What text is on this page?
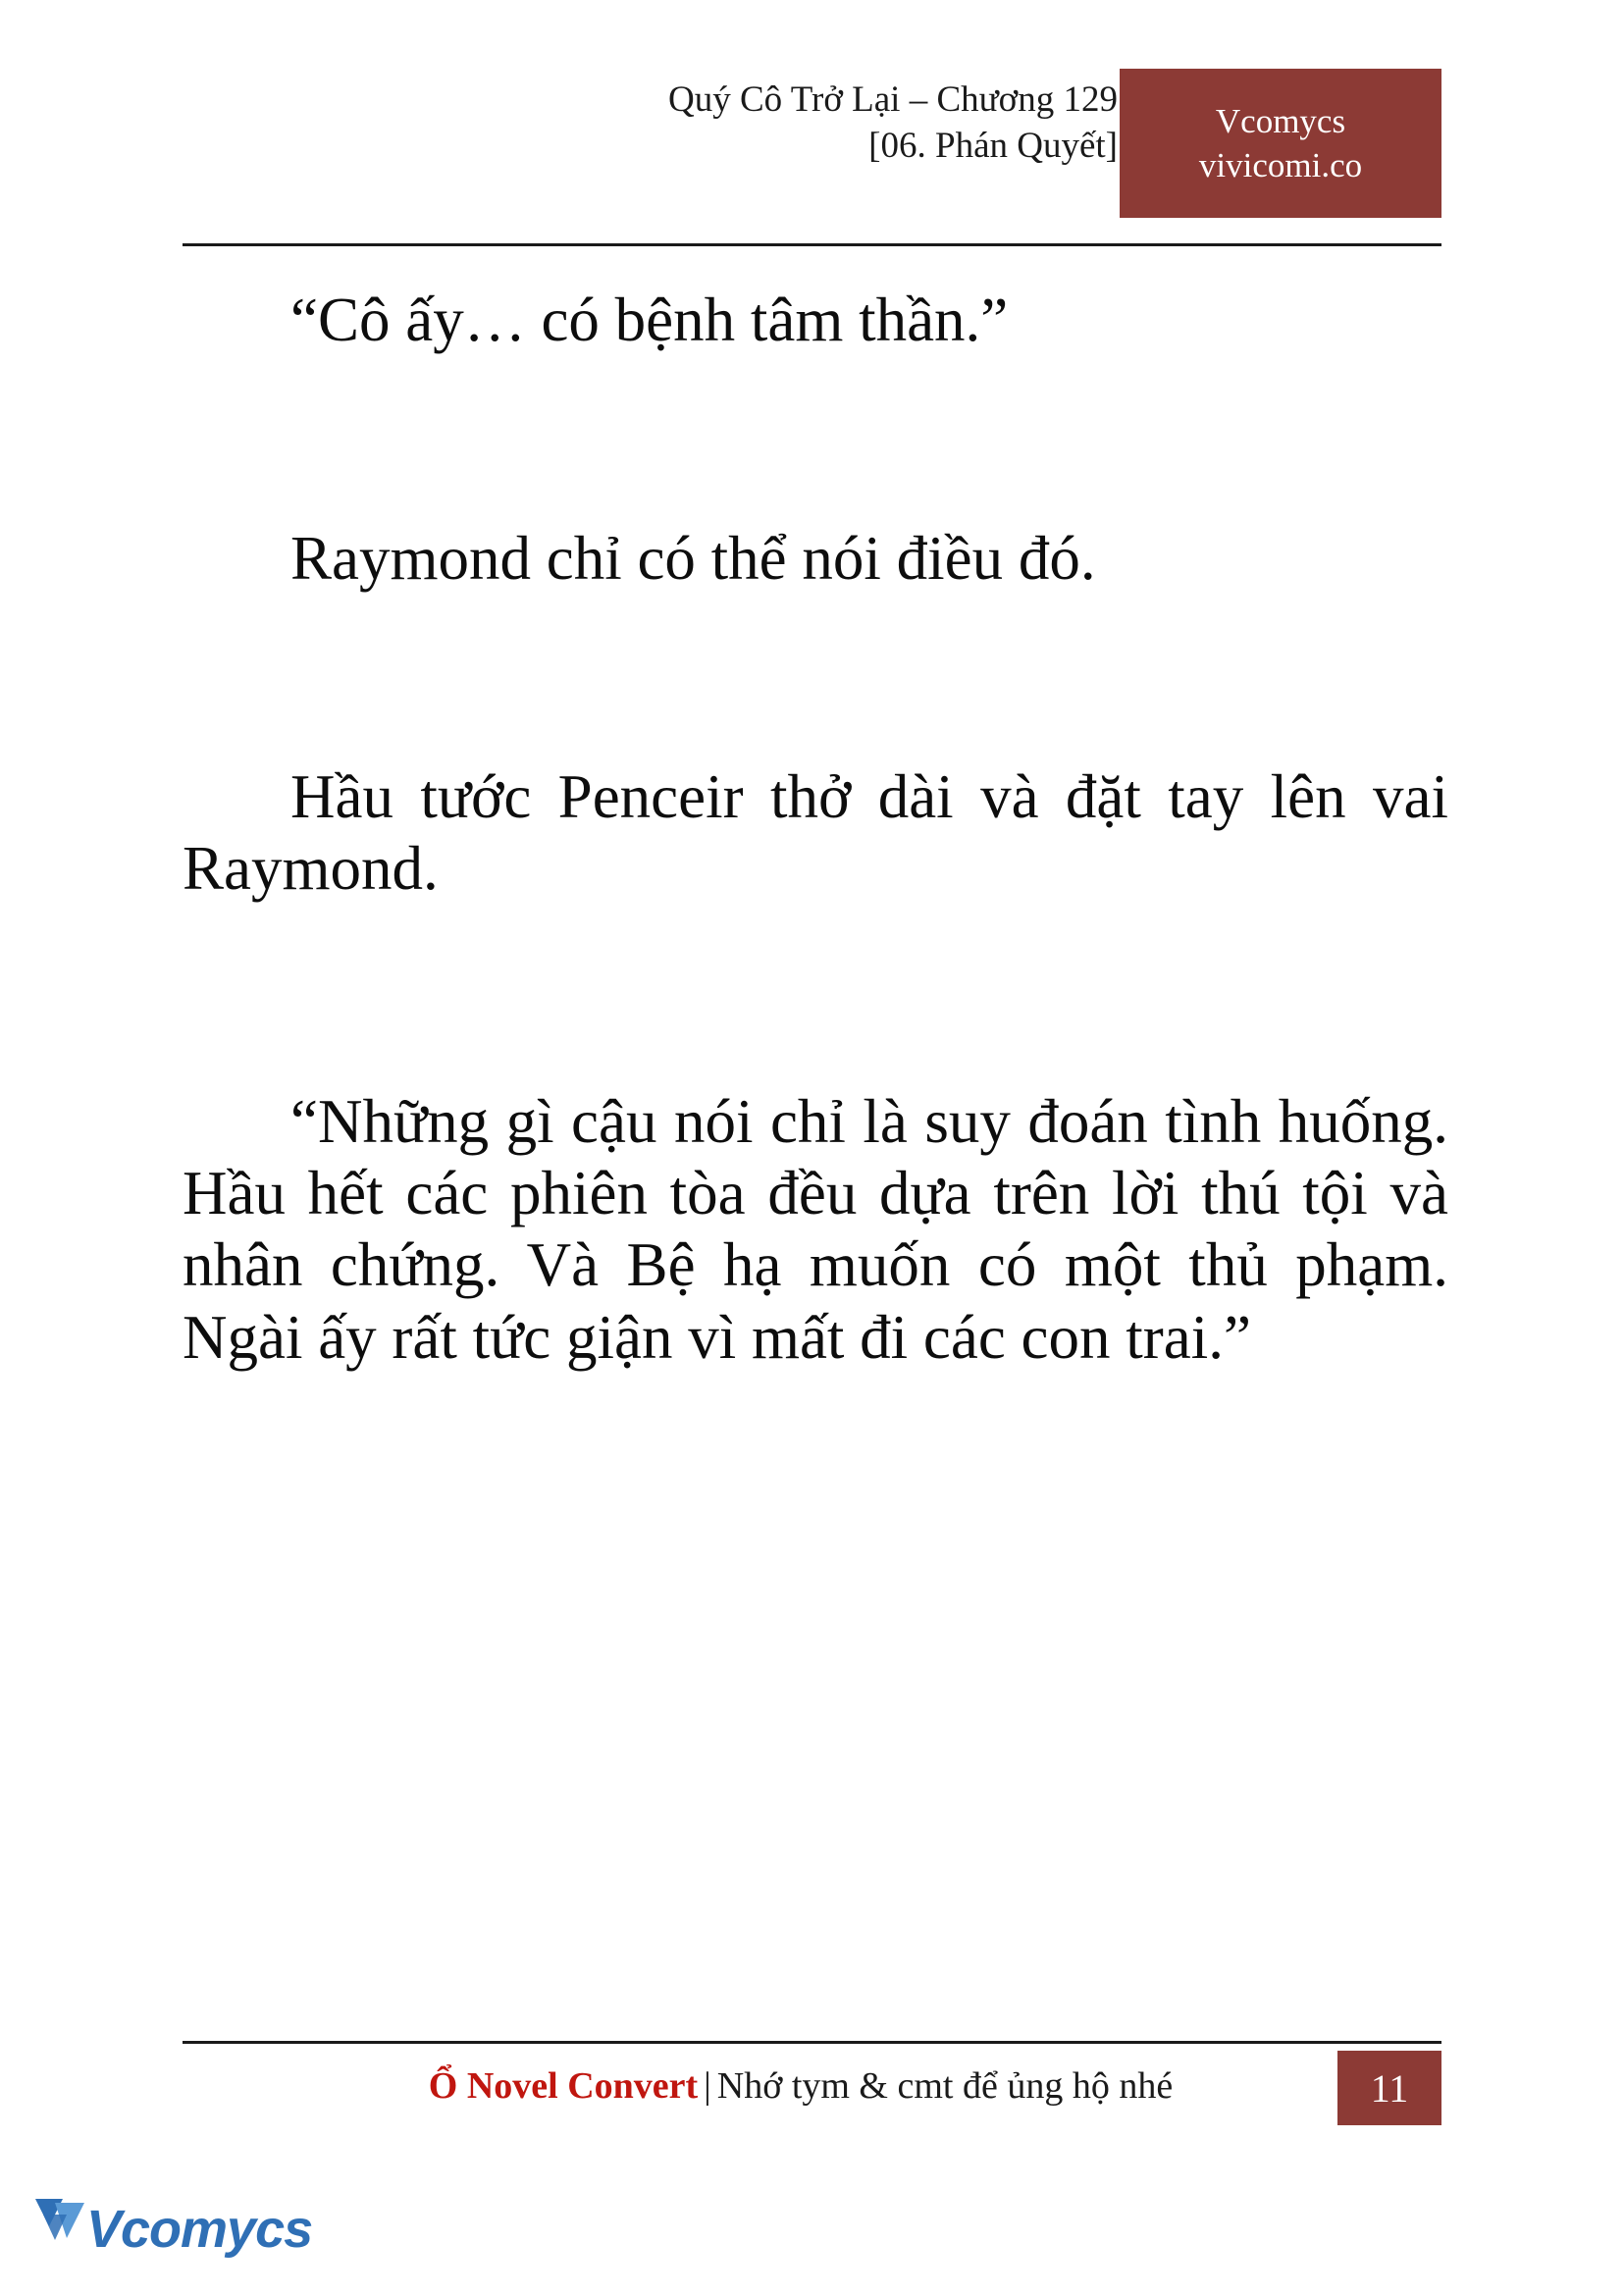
Quý Cô Trở Lại – Chương 129
[06. Phán Quyết]
Vcomycs
vivicomi.co

“Cô ấy… có bệnh tâm thần.”

Raymond chỉ có thể nói điều đó.

Hầu tước Penceir thở dài và đặt tay lên vai Raymond.

“Những gì cậu nói chỉ là suy đoán tình huống. Hầu hết các phiên tòa đều dựa trên lời thú tội và nhân chứng. Và Bệ hạ muốn có một thủ phạm. Ngài ấy rất tức giận vì mất đi các con trai.”

Ổ Novel Convert | Nhớ tym & cmt để ủng hộ nhé	11
Vcomycs
